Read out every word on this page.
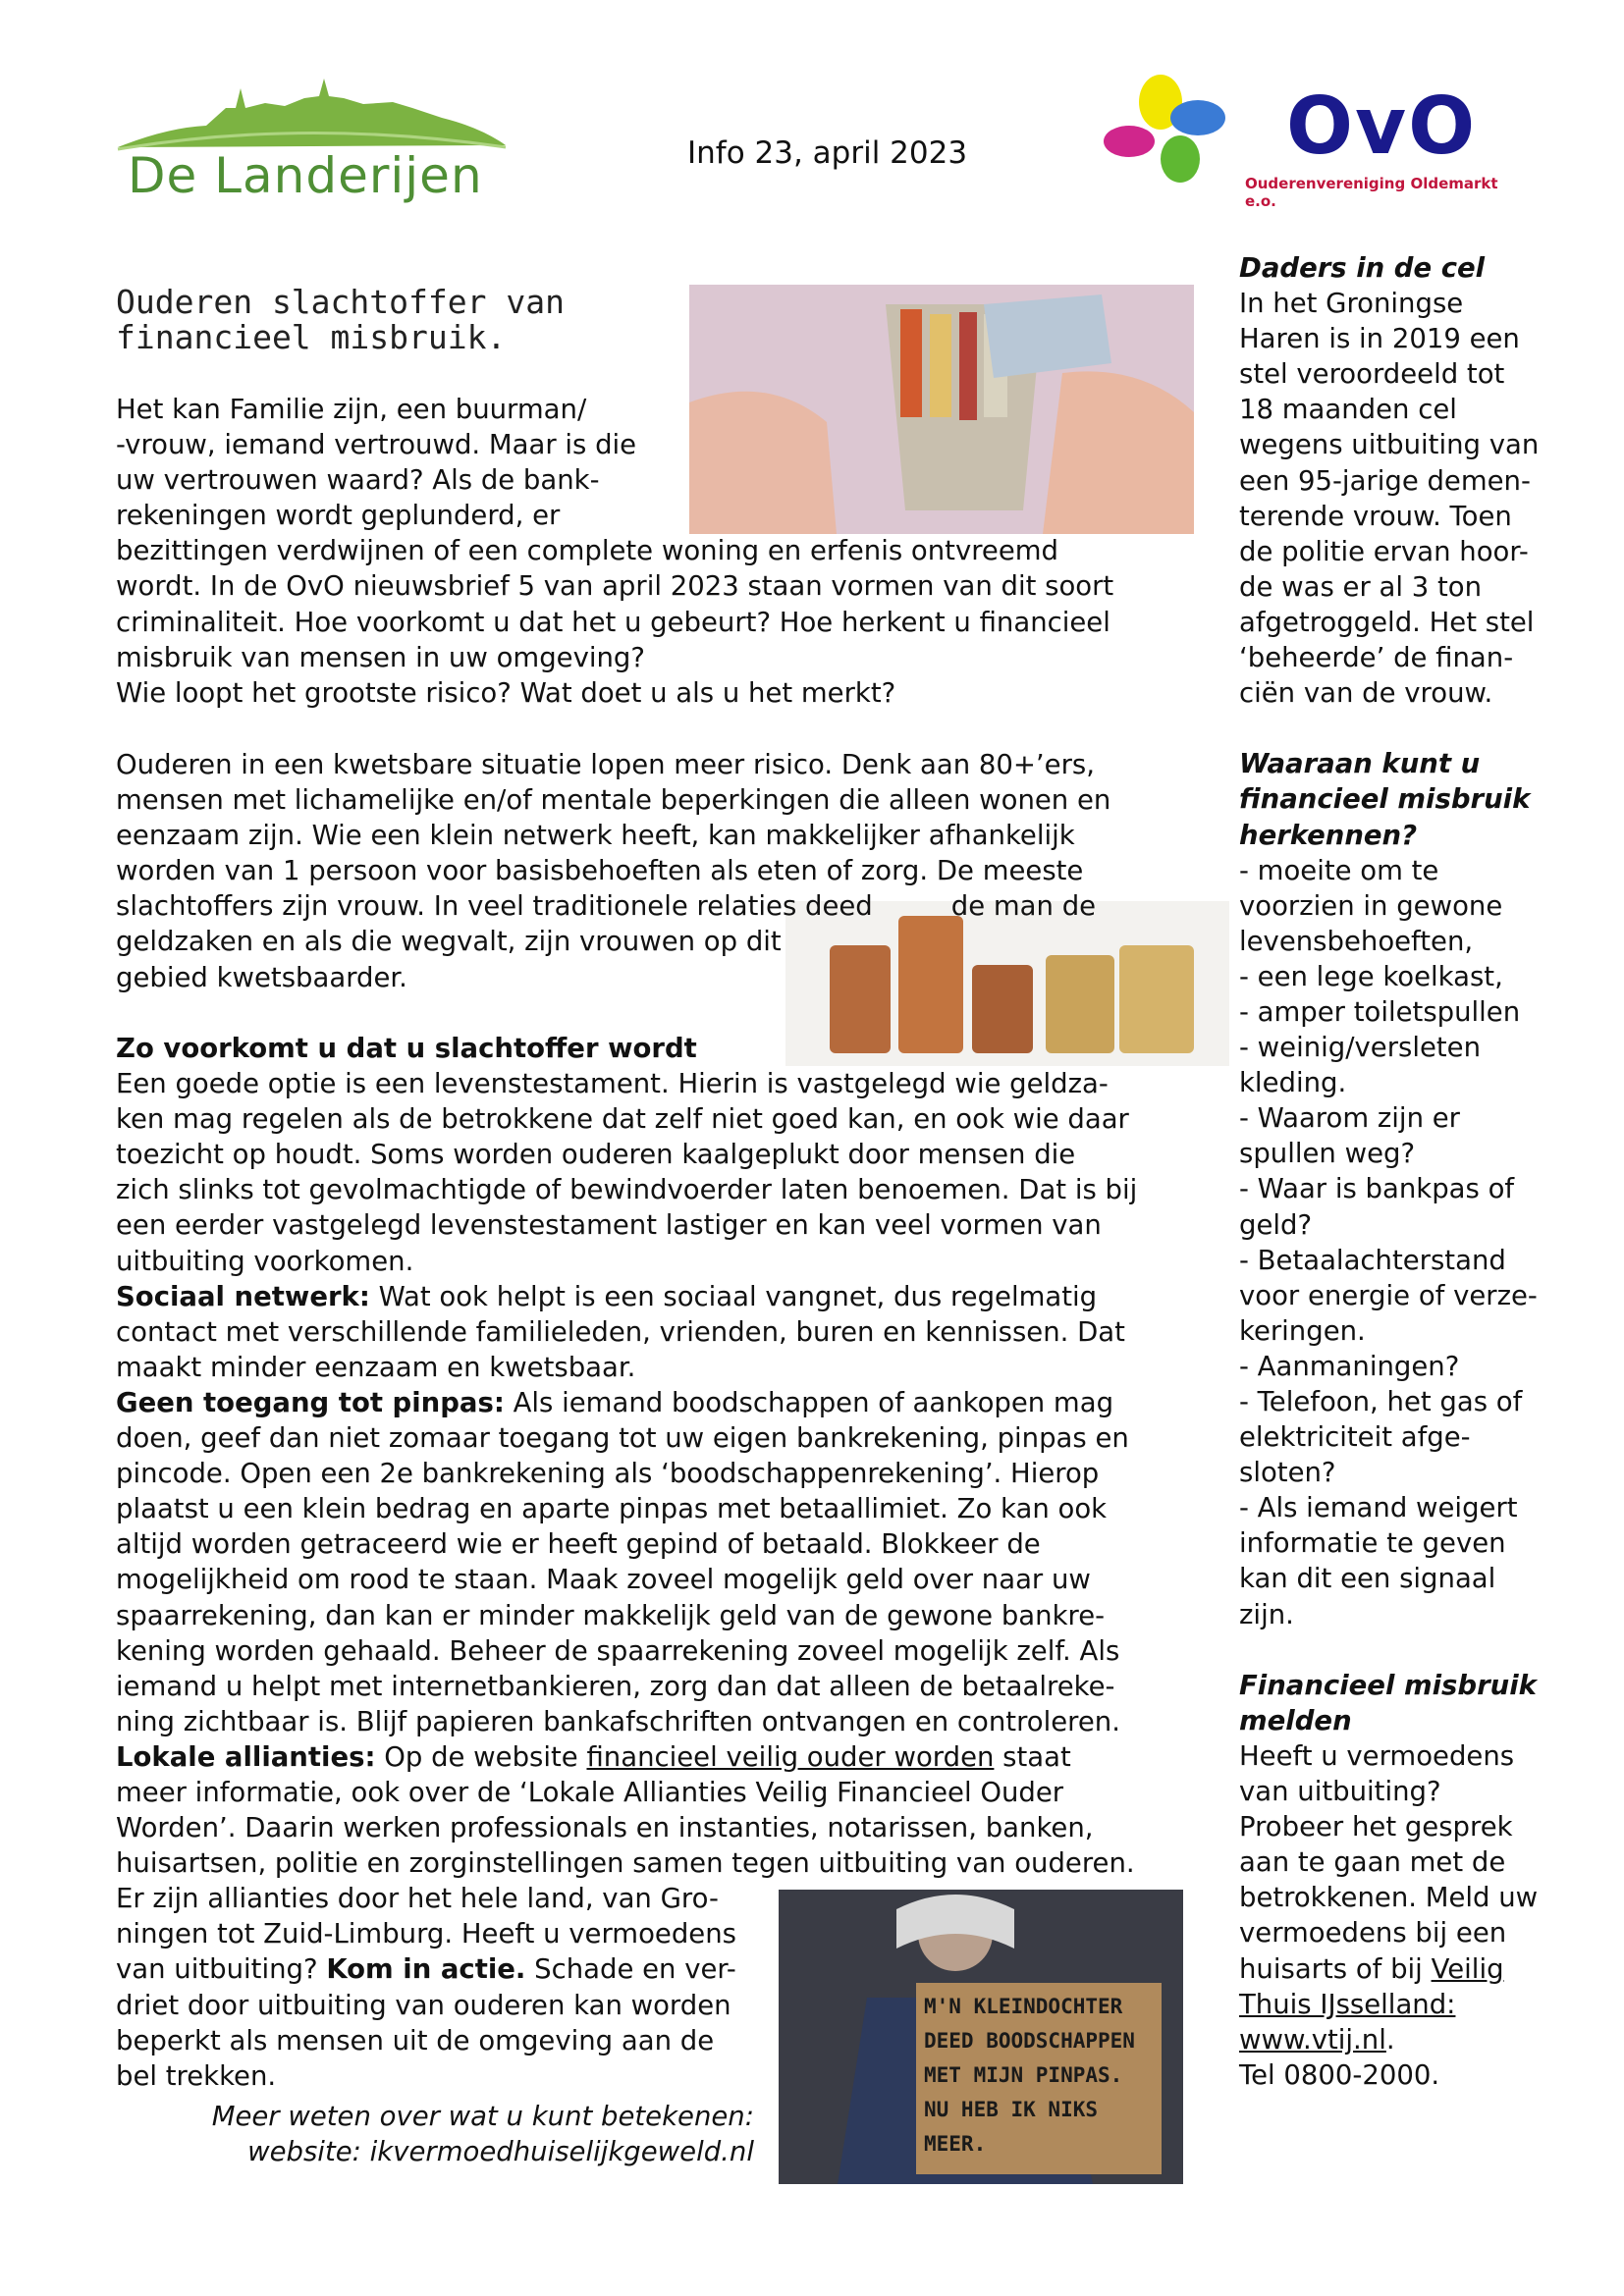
De Landerijen	Info 23, april 2023	OvO
Ouderenvereniging Oldemarkt e.o.

Ouderen slachtoffer van

financieel misbruik.

M'N KLEINDOCHTER

DEED BOODSCHAPPEN

MET MIJN PINPAS.

NU HEB IK NIKS

MEER.

Het kan Familie zijn, een buurman/

-vrouw, iemand vertrouwd. Maar is die

uw vertrouwen waard? Als de bank-

rekeningen wordt geplunderd, er

bezittingen verdwijnen of een complete woning en erfenis ontvreemd

wordt. In de OvO nieuwsbrief 5 van april 2023 staan vormen van dit soort

criminaliteit. Hoe voorkomt u dat het u gebeurt? Hoe herkent u financieel

misbruik van mensen in uw omgeving?

Wie loopt het grootste risico? Wat doet u als u het merkt?

Ouderen in een kwetsbare situatie lopen meer risico. Denk aan 80+’ers,

mensen met lichamelijke en/of mentale beperkingen die alleen wonen en

eenzaam zijn. Wie een klein netwerk heeft, kan makkelijker afhankelijk

worden van 1 persoon voor basisbehoeften als eten of zorg. De meeste

slachtoffers zijn vrouw. In veel traditionele relaties deed	de man de

geldzaken en als die wegvalt, zijn vrouwen op dit

gebied kwetsbaarder.

Zo voorkomt u dat u slachtoffer wordt

Een goede optie is een levenstestament. Hierin is vastgelegd wie geldza-

ken mag regelen als de betrokkene dat zelf niet goed kan, en ook wie daar

toezicht op houdt. Soms worden ouderen kaalgeplukt door mensen die

zich slinks tot gevolmachtigde of bewindvoerder laten benoemen. Dat is bij

een eerder vastgelegd levenstestament lastiger en kan veel vormen van

uitbuiting voorkomen.

Sociaal netwerk: Wat ook helpt is een sociaal vangnet, dus regelmatig

contact met verschillende familieleden, vrienden, buren en kennissen. Dat

maakt minder eenzaam en kwetsbaar.

Geen toegang tot pinpas: Als iemand boodschappen of aankopen mag

doen, geef dan niet zomaar toegang tot uw eigen bankrekening, pinpas en

pincode. Open een 2e bankrekening als ‘boodschappenrekening’. Hierop

plaatst u een klein bedrag en aparte pinpas met betaallimiet. Zo kan ook

altijd worden getraceerd wie er heeft gepind of betaald. Blokkeer de

mogelijkheid om rood te staan. Maak zoveel mogelijk geld over naar uw

spaarrekening, dan kan er minder makkelijk geld van de gewone bankre-

kening worden gehaald. Beheer de spaarrekening zoveel mogelijk zelf. Als

iemand u helpt met internetbankieren, zorg dan dat alleen de betaalreke-

ning zichtbaar is. Blijf papieren bankafschriften ontvangen en controleren.

Lokale allianties: Op de website financieel veilig ouder worden staat

meer informatie, ook over de ‘Lokale Allianties Veilig Financieel Ouder

Worden’. Daarin werken professionals en instanties, notarissen, banken,

huisartsen, politie en zorginstellingen samen tegen uitbuiting van ouderen.

Er zijn allianties door het hele land, van Gro-

ningen tot Zuid-Limburg. Heeft u vermoedens

van uitbuiting? Kom in actie. Schade en ver-

driet door uitbuiting van ouderen kan worden

beperkt als mensen uit de omgeving aan de

bel trekken.

Meer weten over wat u kunt betekenen:

website: ikvermoedhuiselijkgeweld.nl

Daders in de cel

In het Groningse

Haren is in 2019 een

stel veroordeeld tot

18 maanden cel

wegens uitbuiting van

een 95-jarige demen-

terende vrouw. Toen

de politie ervan hoor-

de was er al 3 ton

afgetroggeld. Het stel

‘beheerde’ de finan-

ciën van de vrouw.

Waaraan kunt u

financieel misbruik

herkennen?

- moeite om te

voorzien in gewone

levensbehoeften,

- een lege koelkast,

- amper toiletspullen

- weinig/versleten

kleding.

- Waarom zijn er

spullen weg?

- Waar is bankpas of

geld?

- Betaalachterstand

voor energie of verze-

keringen.

- Aanmaningen?

- Telefoon, het gas of

elektriciteit afge-

sloten?

- Als iemand weigert

informatie te geven

kan dit een signaal

zijn.

Financieel misbruik

melden

Heeft u vermoedens

van uitbuiting?

Probeer het gesprek

aan te gaan met de

betrokkenen. Meld uw

vermoedens bij een

huisarts of bij Veilig

Thuis IJsselland:

www.vtij.nl.

Tel 0800-2000.
